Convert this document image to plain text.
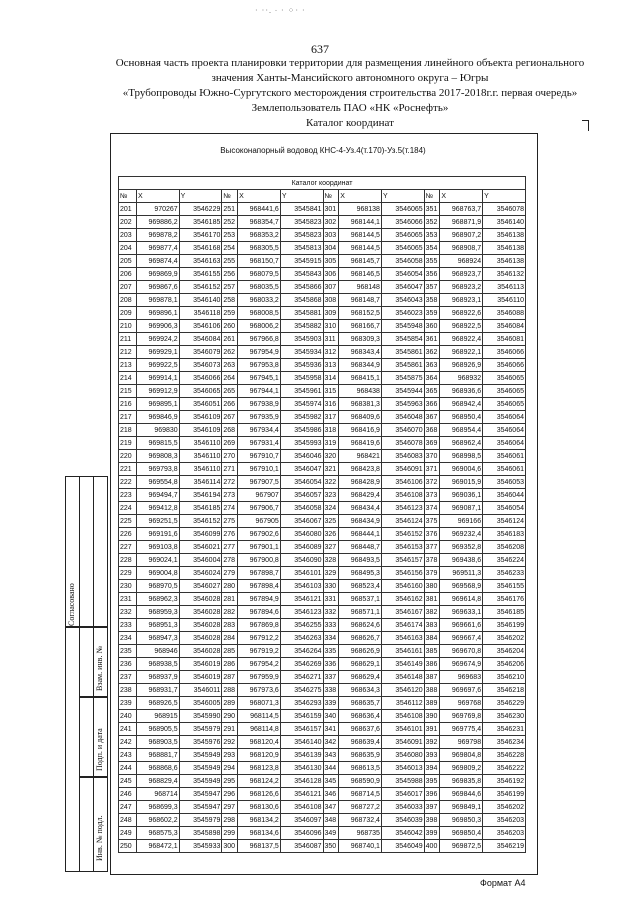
· ··. ∙ · ⁘· ·
637
Основная часть проекта планировки территории для размещения линейного объекта регионального
значения Ханты-Мансийского автономного округа – Югры
«Трубопроводы Южно-Сургутского месторождения строительства 2017-2018г.г. первая очередь»
Землепользователь ПАО «НК «Роснефть»
Каталог координат
Высоконапорный водовод КНС-4-Уз.4(т.170)-Уз.5(т.184)
Каталог координат											
№	X	Y	№	X	Y	№	X	Y	№	X	Y
201	970267	3546229	251	968441,6	3545841	301	968138	3546065	351	968763,7	3546078
202	969886,2	3546185	252	968354,7	3545823	302	968144,1	3546066	352	968871,9	3546140
203	969878,2	3546170	253	968353,2	3545823	303	968144,5	3546065	353	968907,2	3546138
204	969877,4	3546168	254	968305,5	3545813	304	968144,5	3546065	354	968908,7	3546138
205	969874,4	3546163	255	968150,7	3545915	305	968145,7	3546058	355	968924	3546138
206	969869,9	3546155	256	968079,5	3545843	306	968146,5	3546054	356	968923,7	3546132
207	969867,6	3546152	257	968035,5	3545866	307	968148	3546047	357	968923,2	3546113
208	969878,1	3546140	258	968033,2	3545868	308	968148,7	3546043	358	968923,1	3546110
209	969896,1	3546118	259	968008,5	3545881	309	968152,5	3546023	359	968922,6	3546088
210	969906,3	3546106	260	968006,2	3545882	310	968166,7	3545948	360	968922,5	3546084
211	969924,2	3546084	261	967966,8	3545903	311	968309,3	3545854	361	968922,4	3546081
212	969929,1	3546079	262	967954,9	3545934	312	968343,4	3545861	362	968922,1	3546066
213	969922,5	3546073	263	967953,8	3545936	313	968344,9	3545861	363	968926,9	3546066
214	969914,1	3546066	264	967945,1	3545958	314	968415,1	3545875	364	968932	3546065
215	969912,9	3546065	265	967944,1	3545961	315	968438	3545944	365	968936,6	3546065
216	969895,1	3546051	266	967938,9	3545974	316	968381,3	3545963	366	968942,4	3546065
217	969846,9	3546109	267	967935,9	3545982	317	968409,6	3546048	367	968950,4	3546064
218	969830	3546109	268	967934,4	3545986	318	968416,9	3546070	368	968954,4	3546064
219	969815,5	3546110	269	967931,4	3545993	319	968419,6	3546078	369	968962,4	3546064
220	969808,3	3546110	270	967910,7	3546046	320	968421	3546083	370	968998,5	3546061
221	969793,8	3546110	271	967910,1	3546047	321	968423,8	3546091	371	969004,6	3546061
222	969554,8	3546114	272	967907,5	3546054	322	968428,9	3546106	372	969015,9	3546053
223	969494,7	3546194	273	967907	3546057	323	968429,4	3546108	373	969036,1	3546044
224	969412,8	3546185	274	967906,7	3546058	324	968434,4	3546123	374	969087,1	3546054
225	969251,5	3546152	275	967905	3546067	325	968434,9	3546124	375	969166	3546124
226	969191,6	3546099	276	967902,6	3546080	326	968444,1	3546152	376	969232,4	3546183
227	969103,8	3546021	277	967901,1	3546089	327	968448,7	3546153	377	969352,8	3546208
228	969024,1	3546004	278	967900,8	3546090	328	968493,5	3546157	378	969438,6	3546224
229	969004,8	3546024	279	967898,7	3546101	329	968495,3	3546156	379	969511,3	3546233
230	968970,5	3546027	280	967898,4	3546103	330	968523,4	3546160	380	969568,9	3546155
231	968962,3	3546028	281	967894,9	3546121	331	968537,1	3546162	381	969614,8	3546176
232	968959,3	3546028	282	967894,6	3546123	332	968571,1	3546167	382	969633,1	3546185
233	968951,3	3546028	283	967869,8	3546255	333	968624,6	3546174	383	969661,6	3546199
234	968947,3	3546028	284	967912,2	3546263	334	968626,7	3546163	384	969667,4	3546202
235	968946	3546028	285	967919,2	3546264	335	968626,9	3546161	385	969670,8	3546204
236	968938,5	3546019	286	967954,2	3546269	336	968629,1	3546149	386	969674,9	3546206
237	968937,9	3546019	287	967959,9	3546271	337	968629,4	3546148	387	969683	3546210
238	968931,7	3546011	288	967973,6	3546275	338	968634,3	3546120	388	969697,6	3546218
239	968926,5	3546005	289	968071,3	3546293	339	968635,7	3546112	389	969768	3546229
240	968915	3545990	290	968114,5	3546159	340	968636,4	3546108	390	969769,8	3546230
241	968905,5	3545979	291	968114,8	3546157	341	968637,6	3546101	391	969775,4	3546231
242	968903,5	3545976	292	968120,4	3546140	342	968639,4	3546091	392	969798	3546234
243	968881,7	3545949	293	968120,9	3546139	343	968635,9	3546080	393	969804,8	3546228
244	968868,6	3545949	294	968123,8	3546130	344	968613,5	3546013	394	969809,2	3546222
245	968829,4	3545949	295	968124,2	3546128	345	968590,9	3545988	395	969835,8	3546192
246	968714	3545947	296	968126,6	3546121	346	968714,5	3546017	396	969844,6	3546199
247	968699,3	3545947	297	968130,6	3546108	347	968727,2	3546033	397	969849,1	3546202
248	968602,2	3545979	298	968134,2	3546097	348	968732,4	3546039	398	969850,3	3546203
249	968575,3	3545898	299	968134,6	3546096	349	968735	3546042	399	969850,4	3546203
250	968472,1	3545933	300	968137,5	3546087	350	968740,1	3546049	400	969872,5	3546219
Согласовано
Взам. инв. №
Подп. и дата
Инв. № подл.
Формат А4
